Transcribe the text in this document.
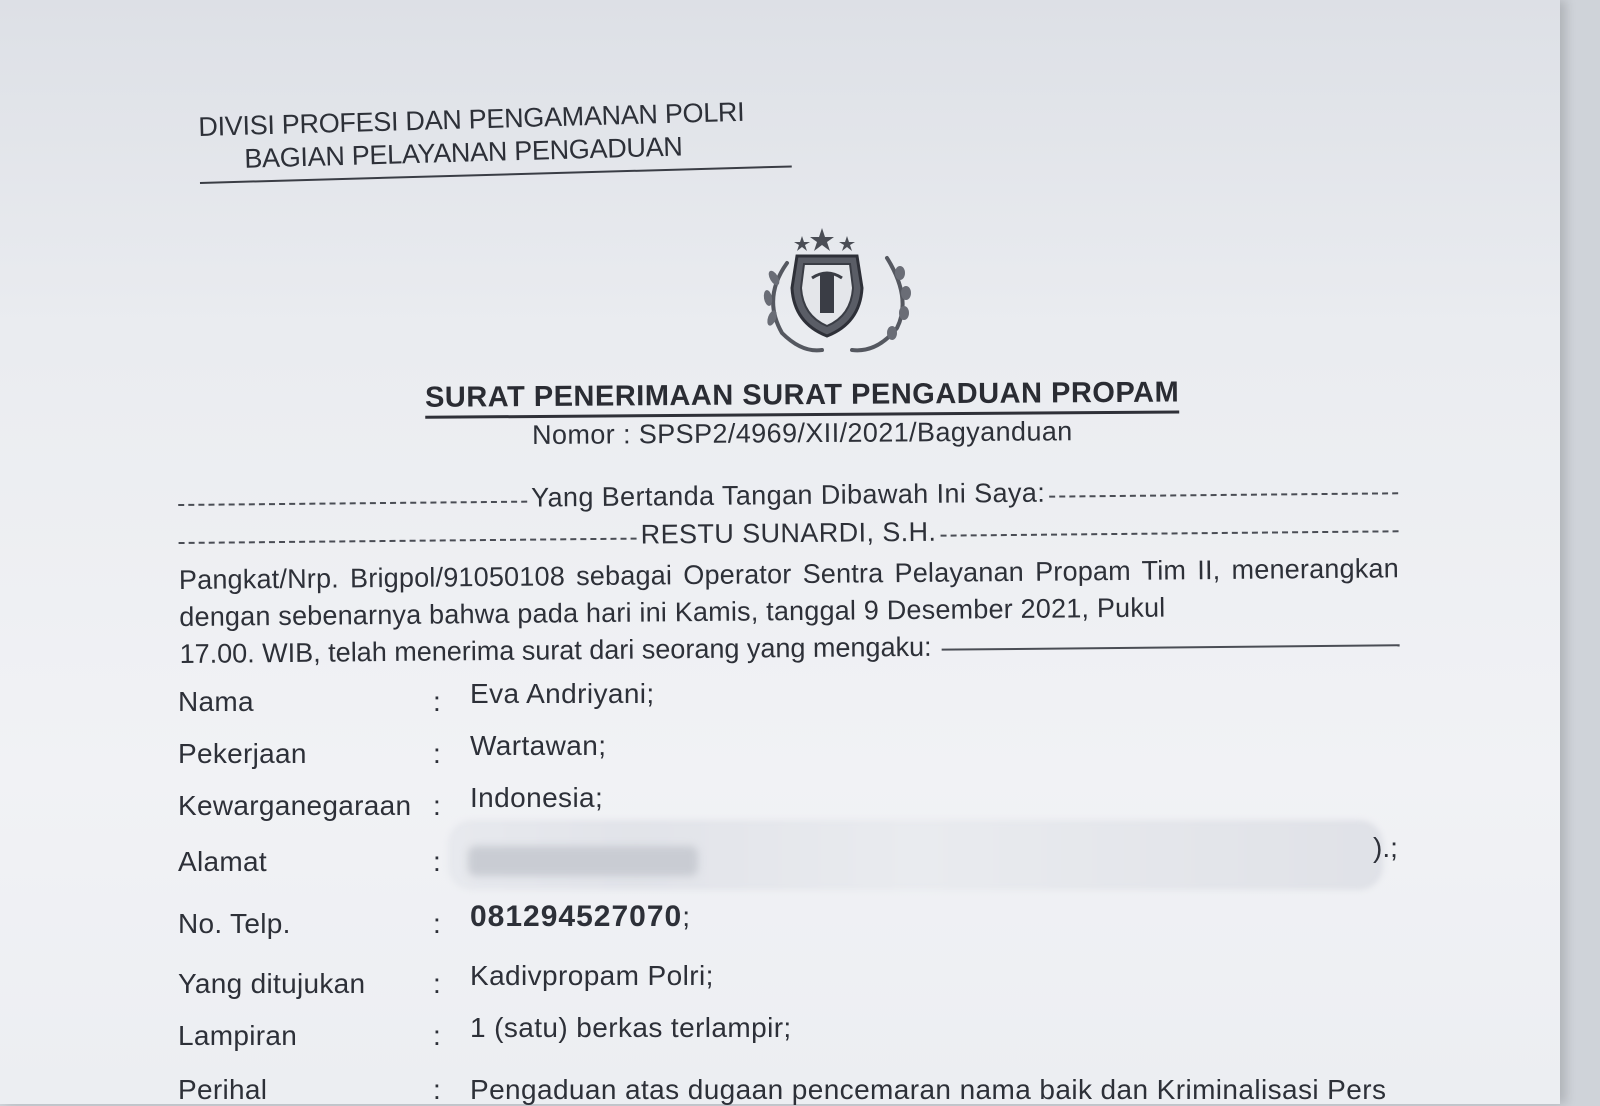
DIVISI PROFESI DAN PENGAMANAN POLRI
BAGIAN PELAYANAN PENGADUAN
SURAT PENERIMAAN SURAT PENGADUAN PROPAM
Nomor : SPSP2/4969/XII/2021/Bagyanduan
Yang Bertanda Tangan Dibawah Ini Saya:
RESTU SUNARDI, S.H.
Pangkat/Nrp. Brigpol/91050108 sebagai Operator Sentra Pelayanan Propam Tim II, menerangkan dengan sebenarnya bahwa pada hari ini Kamis, tanggal 9 Desember 2021, Pukul
17.00. WIB, telah menerima surat dari seorang yang mengaku:
Nama	: Eva Andriyani;
Pekerjaan	: Wartawan;
Kewarganegaraan : Indonesia;
Alamat	:	).;
No. Telp.	: 081294527070;
Yang ditujukan : Kadivpropam Polri;
Lampiran	: 1 (satu) berkas terlampir;
Perihal	: Pengaduan atas dugaan pencemaran nama baik dan Kriminalisasi Pers
